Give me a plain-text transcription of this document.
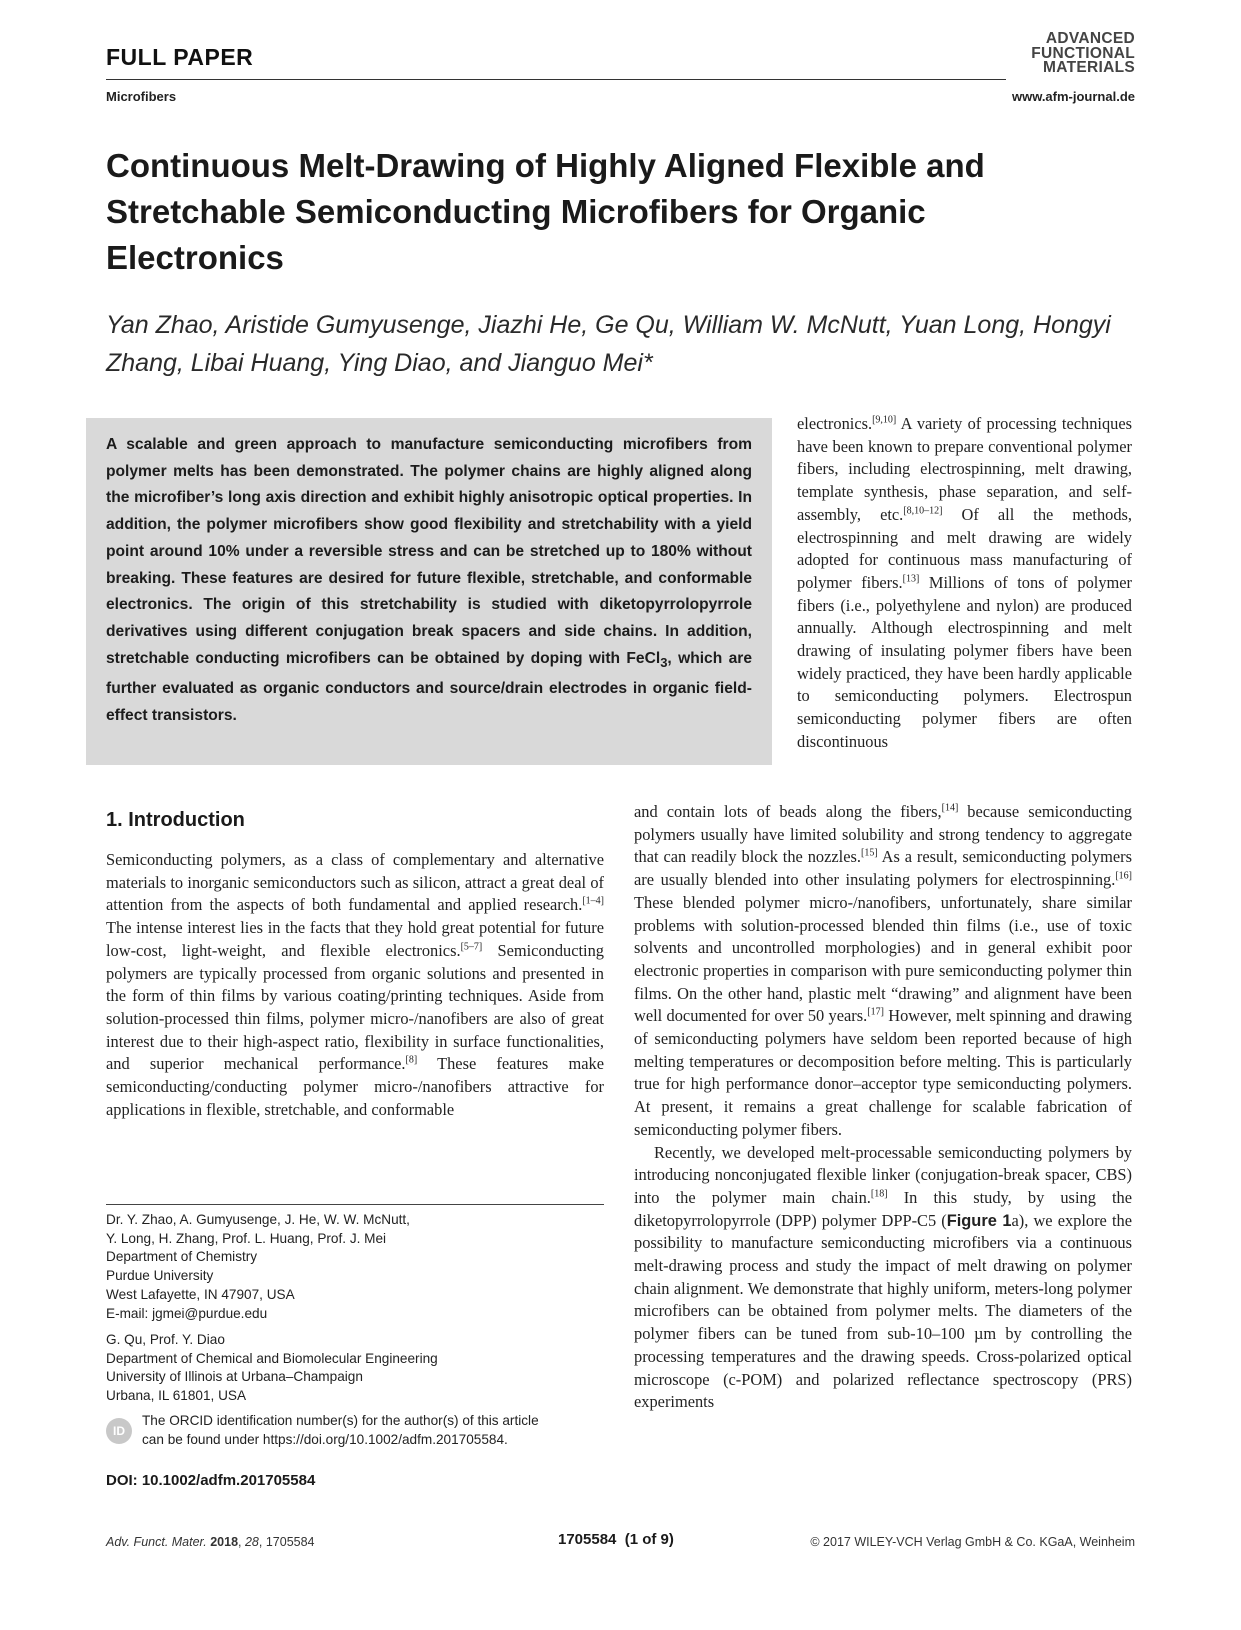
FULL PAPER
Microfibers
ADVANCED
FUNCTIONAL
MATERIALS
www.afm-journal.de
Continuous Melt-Drawing of Highly Aligned Flexible and Stretchable Semiconducting Microfibers for Organic Electronics
Yan Zhao, Aristide Gumyusenge, Jiazhi He, Ge Qu, William W. McNutt, Yuan Long, Hongyi Zhang, Libai Huang, Ying Diao, and Jianguo Mei*
A scalable and green approach to manufacture semiconducting microfibers from polymer melts has been demonstrated. The polymer chains are highly aligned along the microfiber’s long axis direction and exhibit highly anisotropic optical properties. In addition, the polymer microfibers show good flexibility and stretchability with a yield point around 10% under a reversible stress and can be stretched up to 180% without breaking. These features are desired for future flexible, stretchable, and conformable electronics. The origin of this stretchability is studied with diketopyrrolopyrrole derivatives using different conjugation break spacers and side chains. In addition, stretchable conducting microfibers can be obtained by doping with FeCl$_3$, which are further evaluated as organic conductors and source/drain electrodes in organic field-effect transistors.
electronics.[9,10] A variety of processing techniques have been known to prepare conventional polymer fibers, including electrospinning, melt drawing, template synthesis, phase separation, and self-assembly, etc.[8,10–12] Of all the methods, electrospinning and melt drawing are widely adopted for continuous mass manufacturing of polymer fibers.[13] Millions of tons of polymer fibers (i.e., polyethylene and nylon) are produced annually. Although electrospinning and melt drawing of insulating polymer fibers have been widely practiced, they have been hardly applicable to semiconducting polymers. Electrospun semiconducting polymer fibers are often discontinuous
and contain lots of beads along the fibers,[14] because semiconducting polymers usually have limited solubility and strong tendency to aggregate that can readily block the nozzles.[15] As a result, semiconducting polymers are usually blended into other insulating polymers for electrospinning.[16] These blended polymer micro-/nanofibers, unfortunately, share similar problems with solution-processed blended thin films (i.e., use of toxic solvents and uncontrolled morphologies) and in general exhibit poor electronic properties in comparison with pure semiconducting polymer thin films. On the other hand, plastic melt “drawing” and alignment have been well documented for over 50 years.[17] However, melt spinning and drawing of semiconducting polymers have seldom been reported because of high melting temperatures or decomposition before melting. This is particularly true for high performance donor–acceptor type semiconducting polymers. At present, it remains a great challenge for scalable fabrication of semiconducting polymer fibers.
Recently, we developed melt-processable semiconducting polymers by introducing nonconjugated flexible linker (conjugation-break spacer, CBS) into the polymer main chain.[18] In this study, by using the diketopyrrolopyrrole (DPP) polymer DPP-C5 (Figure 1a), we explore the possibility to manufacture semiconducting microfibers via a continuous melt-drawing process and study the impact of melt drawing on polymer chain alignment. We demonstrate that highly uniform, meters-long polymer microfibers can be obtained from polymer melts. The diameters of the polymer fibers can be tuned from sub-10–100 µm by controlling the processing temperatures and the drawing speeds. Cross-polarized optical microscope (c-POM) and polarized reflectance spectroscopy (PRS) experiments
1. Introduction
Semiconducting polymers, as a class of complementary and alternative materials to inorganic semiconductors such as silicon, attract a great deal of attention from the aspects of both fundamental and applied research.[1–4] The intense interest lies in the facts that they hold great potential for future low-cost, light-weight, and flexible electronics.[5–7] Semiconducting polymers are typically processed from organic solutions and presented in the form of thin films by various coating/printing techniques. Aside from solution-processed thin films, polymer micro-/nanofibers are also of great interest due to their high-aspect ratio, flexibility in surface functionalities, and superior mechanical performance.[8] These features make semiconducting/conducting polymer micro-/nanofibers attractive for applications in flexible, stretchable, and conformable
Dr. Y. Zhao, A. Gumyusenge, J. He, W. W. McNutt,
Y. Long, H. Zhang, Prof. L. Huang, Prof. J. Mei
Department of Chemistry
Purdue University
West Lafayette, IN 47907, USA
E-mail: jgmei@purdue.edu
G. Qu, Prof. Y. Diao
Department of Chemical and Biomolecular Engineering
University of Illinois at Urbana–Champaign
Urbana, IL 61801, USA
ID
The ORCID identification number(s) for the author(s) of this article
can be found under https://doi.org/10.1002/adfm.201705584.
DOI: 10.1002/adfm.201705584
Adv. Funct. Mater. 2018, 28, 1705584	1705584  (1 of 9)	© 2017 WILEY-VCH Verlag GmbH & Co. KGaA, Weinheim
